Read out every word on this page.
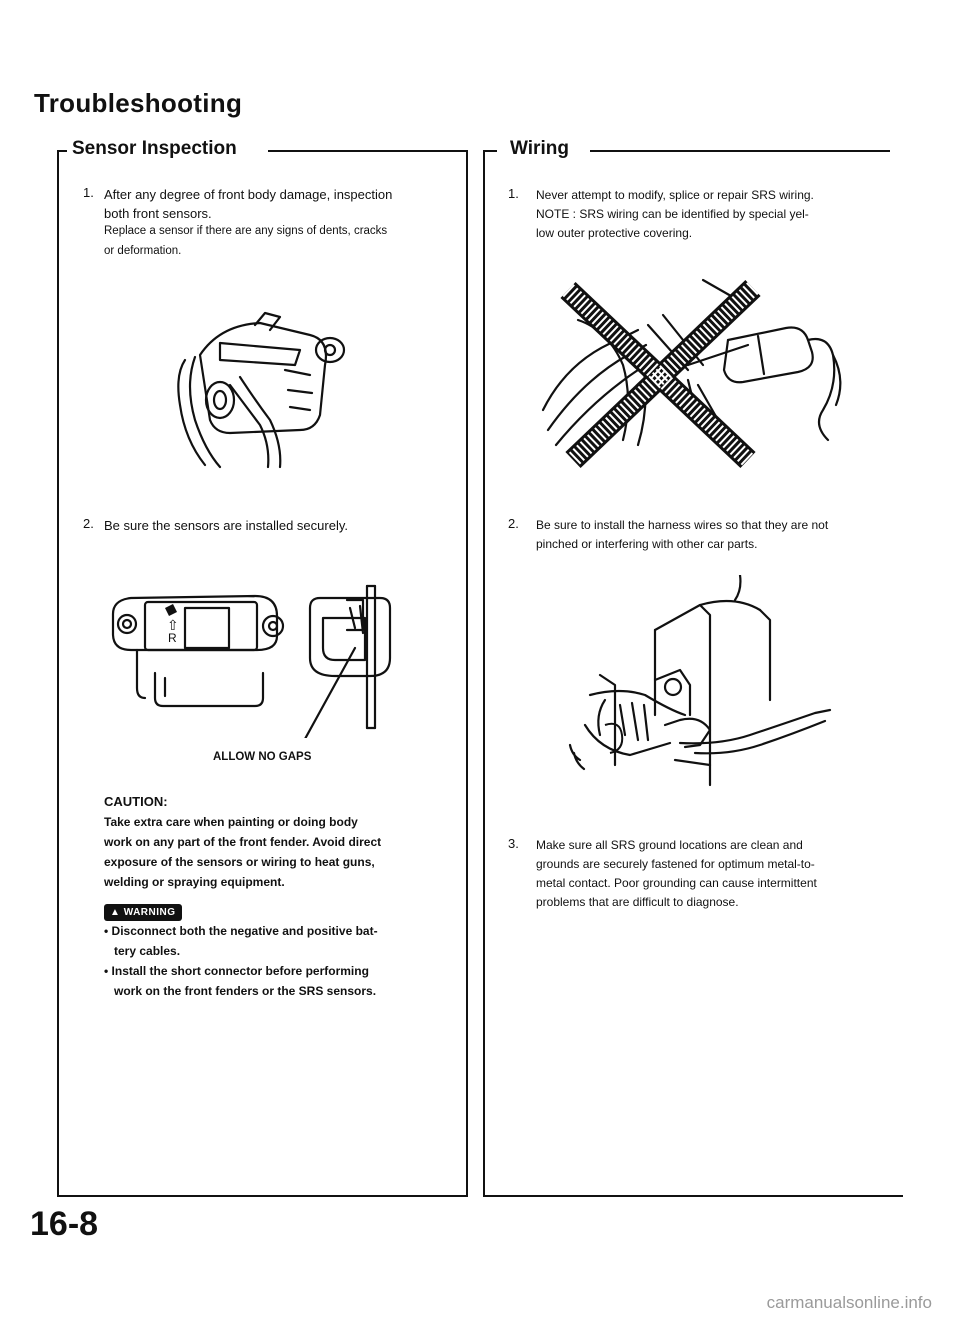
Troubleshooting
Sensor Inspection
1. After any degree of front body damage, inspection
both front sensors.
Replace a sensor if there are any signs of dents, cracks
or deformation.
2. Be sure the sensors are installed securely.
⇧
R
ALLOW NO GAPS
CAUTION:
Take extra care when painting or doing body
work on any part of the front fender. Avoid direct
exposure of the sensors or wiring to heat guns,
welding or spraying equipment.
▲ WARNING
• Disconnect both the negative and positive bat-
tery cables.
• Install the short connector before performing
work on the front fenders or the SRS sensors.
Wiring
1. Never attempt to modify, splice or repair SRS wiring.
NOTE : SRS wiring can be identified by special yel-
low outer protective covering.
2. Be sure to install the harness wires so that they are not
pinched or interfering with other car parts.
3. Make sure all SRS ground locations are clean and
grounds are securely fastened for optimum metal-to-
metal contact. Poor grounding can cause intermittent
problems that are difficult to diagnose.
16-8
carmanualsonline.info
